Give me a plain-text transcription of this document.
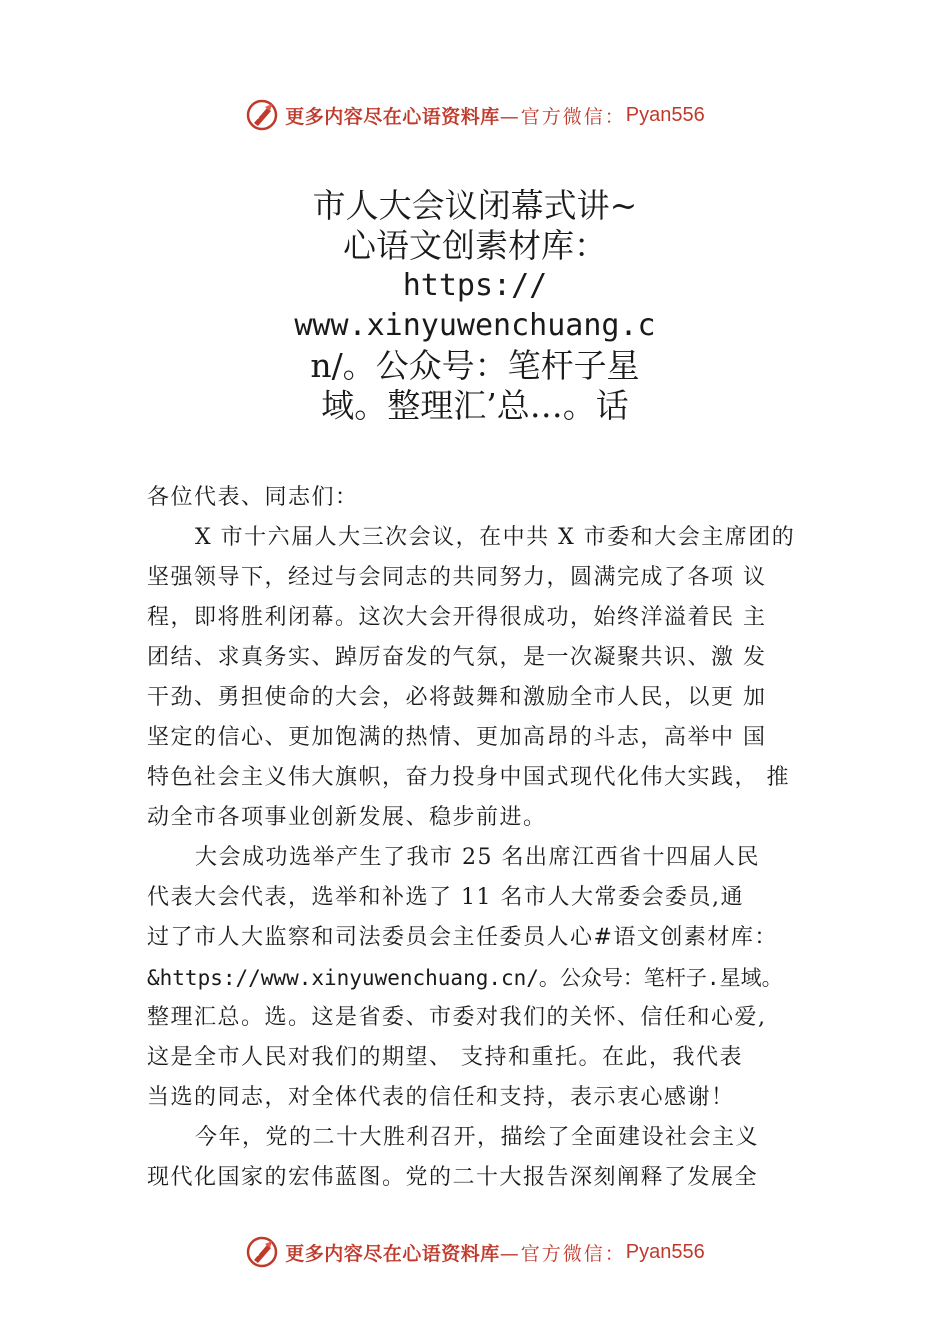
更多内容尽在心语资料库 —官方微信： Pyan556
市人大会议闭幕式讲~
心语文创素材库：
https://
www.xinyuwenchuang.c
n/。公众号：笔杆子星
域。整理汇’总…。话
各位代表、同志们：
X 市十六届人大三次会议，在中共 X 市委和大会主席团的
坚强领导下，经过与会同志的共同努力，圆满完成了各项 议
程，即将胜利闭幕。这次大会开得很成功，始终洋溢着民 主
团结、求真务实、踔厉奋发的气氛，是一次凝聚共识、激 发
干劲、勇担使命的大会，必将鼓舞和激励全市人民，以更 加
坚定的信心、更加饱满的热情、更加高昂的斗志，高举中 国
特色社会主义伟大旗帜，奋力投身中国式现代化伟大实践， 推
动全市各项事业创新发展、稳步前进。
大会成功选举产生了我市 25 名出席江西省十四届人民
代表大会代表，选举和补选了 11 名市人大常委会委员,通
过了市人大监察和司法委员会主任委员人心#语文创素材库：
&https://www.xinyuwenchuang.cn/。公众号：笔杆子.星域。
整理汇总。选。这是省委、市委对我们的关怀、信任和心爱,
这是全市人民对我们的期望、 支持和重托。在此，我代表
当选的同志，对全体代表的信任和支持，表示衷心感谢！
今年，党的二十大胜利召开，描绘了全面建设社会主义
现代化国家的宏伟蓝图。党的二十大报告深刻阐释了发展全
更多内容尽在心语资料库 —官方微信： Pyan556
